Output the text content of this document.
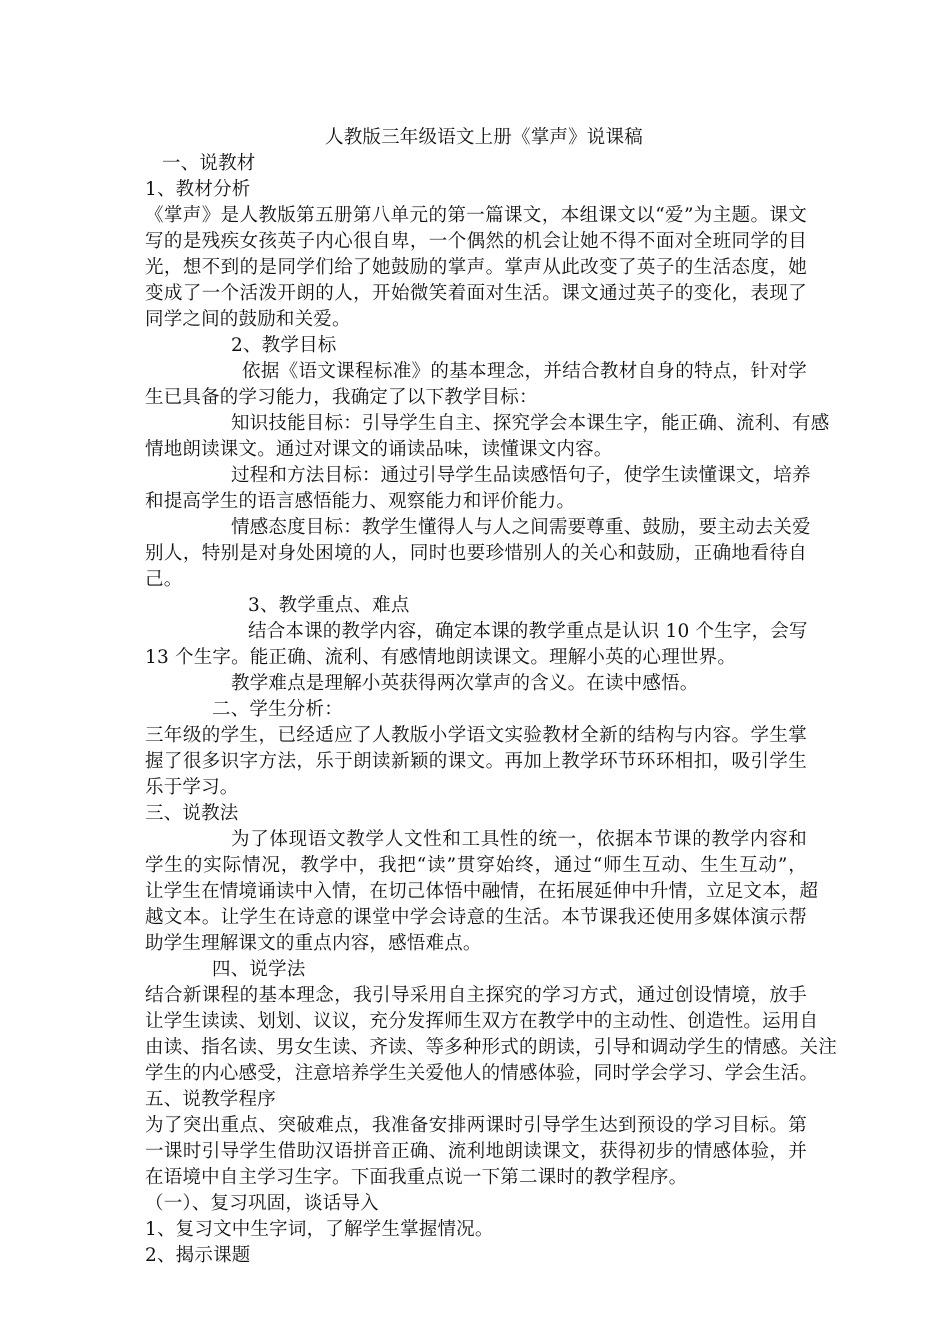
人教版三年级语文上册《掌声》说课稿
一、说教材
1、教材分析
《掌声》是人教版第五册第八单元的第一篇课文，本组课文以“爱”为主题。课文
写的是残疾女孩英子内心很自卑，一个偶然的机会让她不得不面对全班同学的目
光，想不到的是同学们给了她鼓励的掌声。掌声从此改变了英子的生活态度，她
变成了一个活泼开朗的人，开始微笑着面对生活。课文通过英子的变化，表现了
同学之间的鼓励和关爱。
2、教学目标
依据《语文课程标准》的基本理念，并结合教材自身的特点，针对学
生已具备的学习能力，我确定了以下教学目标：
知识技能目标：引导学生自主、探究学会本课生字，能正确、流利、有感
情地朗读课文。通过对课文的诵读品味，读懂课文内容。
过程和方法目标：通过引导学生品读感悟句子，使学生读懂课文，培养
和提高学生的语言感悟能力、观察能力和评价能力。
情感态度目标：教学生懂得人与人之间需要尊重、鼓励，要主动去关爱
别人，特别是对身处困境的人，同时也要珍惜别人的关心和鼓励，正确地看待自
己。
3、教学重点、难点
结合本课的教学内容，确定本课的教学重点是认识 10 个生字，会写
13 个生字。能正确、流利、有感情地朗读课文。理解小英的心理世界。
教学难点是理解小英获得两次掌声的含义。在读中感悟。
二、学生分析：
三年级的学生，已经适应了人教版小学语文实验教材全新的结构与内容。学生掌
握了很多识字方法，乐于朗读新颖的课文。再加上教学环节环环相扣，吸引学生
乐于学习。
三、说教法
为了体现语文教学人文性和工具性的统一，依据本节课的教学内容和
学生的实际情况，教学中，我把“读”贯穿始终，通过“师生互动、生生互动”，
让学生在情境诵读中入情，在切己体悟中融情，在拓展延伸中升情，立足文本，超
越文本。让学生在诗意的课堂中学会诗意的生活。本节课我还使用多媒体演示帮
助学生理解课文的重点内容，感悟难点。
四、说学法
结合新课程的基本理念，我引导采用自主探究的学习方式，通过创设情境，放手
让学生读读、划划、议议，充分发挥师生双方在教学中的主动性、创造性。运用自
由读、指名读、男女生读、齐读、等多种形式的朗读，引导和调动学生的情感。关注
学生的内心感受，注意培养学生关爱他人的情感体验，同时学会学习、学会生活。
五、说教学程序
为了突出重点、突破难点，我准备安排两课时引导学生达到预设的学习目标。第
一课时引导学生借助汉语拼音正确、流利地朗读课文，获得初步的情感体验，并
在语境中自主学习生字。下面我重点说一下第二课时的教学程序。
（一）、复习巩固，谈话导入
1、复习文中生字词，了解学生掌握情况。
2、揭示课题
